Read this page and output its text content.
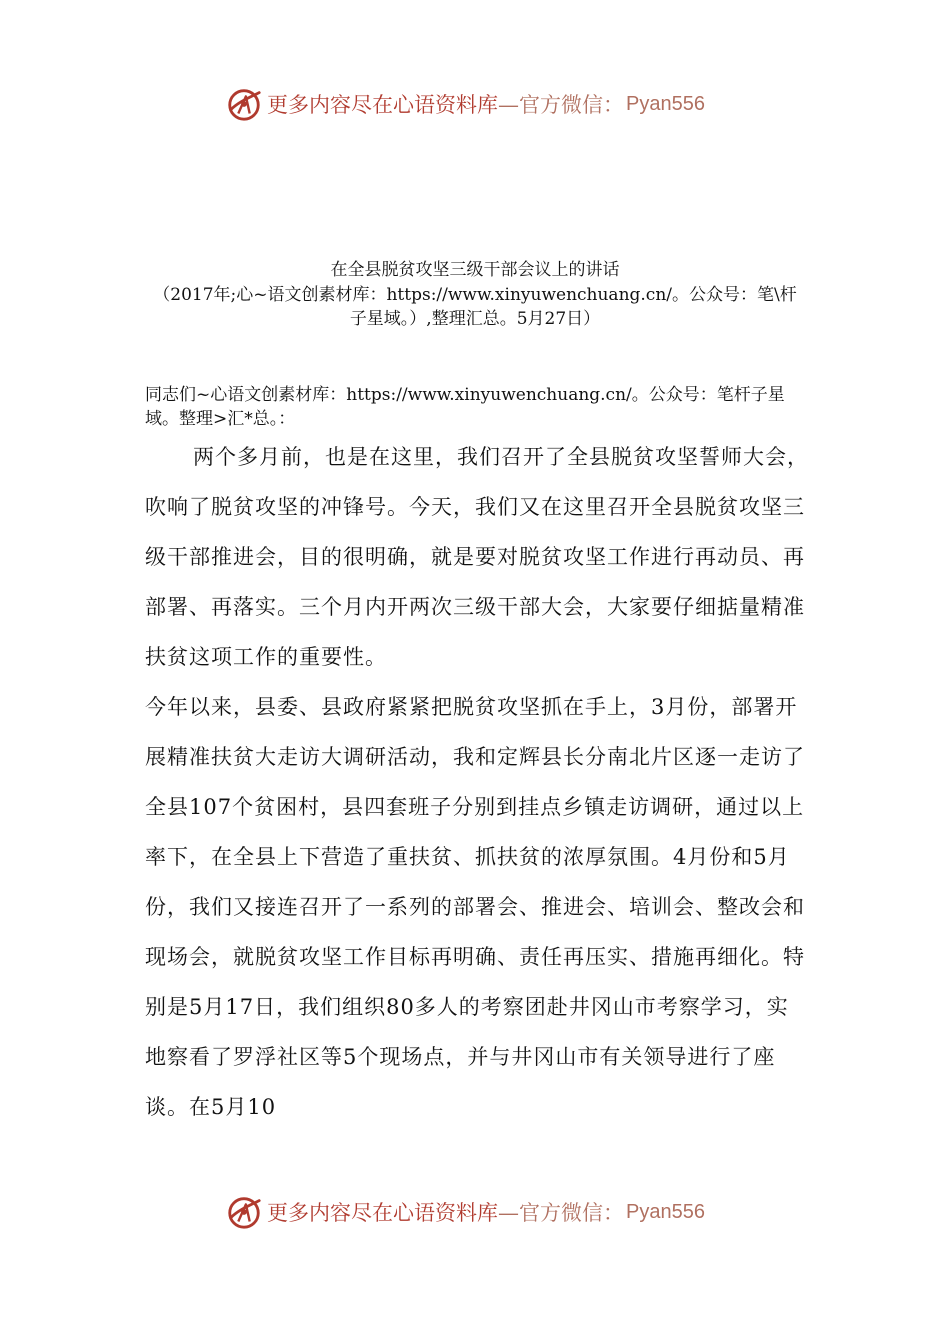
更多内容尽在心语资料库 —官方微信： Pyan556
在全县脱贫攻坚三级干部会议上的讲话
（2017年;心~语文创素材库：https://www.xinyuwenchuang.cn/。公众号：笔\杆子星域。）,整理汇总。5月27日）
同志们~心语文创素材库：https://www.xinyuwenchuang.cn/。公众号：笔杆子星域。整理>汇*总。：

两个多月前，也是在这里，我们召开了全县脱贫攻坚誓师大会，吹响了脱贫攻坚的冲锋号。今天，我们又在这里召开全县脱贫攻坚三级干部推进会，目的很明确，就是要对脱贫攻坚工作进行再动员、再部署、再落实。三个月内开两次三级干部大会，大家要仔细掂量精准扶贫这项工作的重要性。

今年以来，县委、县政府紧紧把脱贫攻坚抓在手上，3月份，部署开展精准扶贫大走访大调研活动，我和定辉县长分南北片区逐一走访了全县107个贫困村，县四套班子分别到挂点乡镇走访调研，通过以上率下，在全县上下营造了重扶贫、抓扶贫的浓厚氛围。4月份和5月份，我们又接连召开了一系列的部署会、推进会、培训会、整改会和现场会，就脱贫攻坚工作目标再明确、责任再压实、措施再细化。特别是5月17日，我们组织80多人的考察团赴井冈山市考察学习，实地察看了罗浮社区等5个现场点，并与井冈山市有关领导进行了座谈。在5月10

更多内容尽在心语资料库 —官方微信： Pyan556
